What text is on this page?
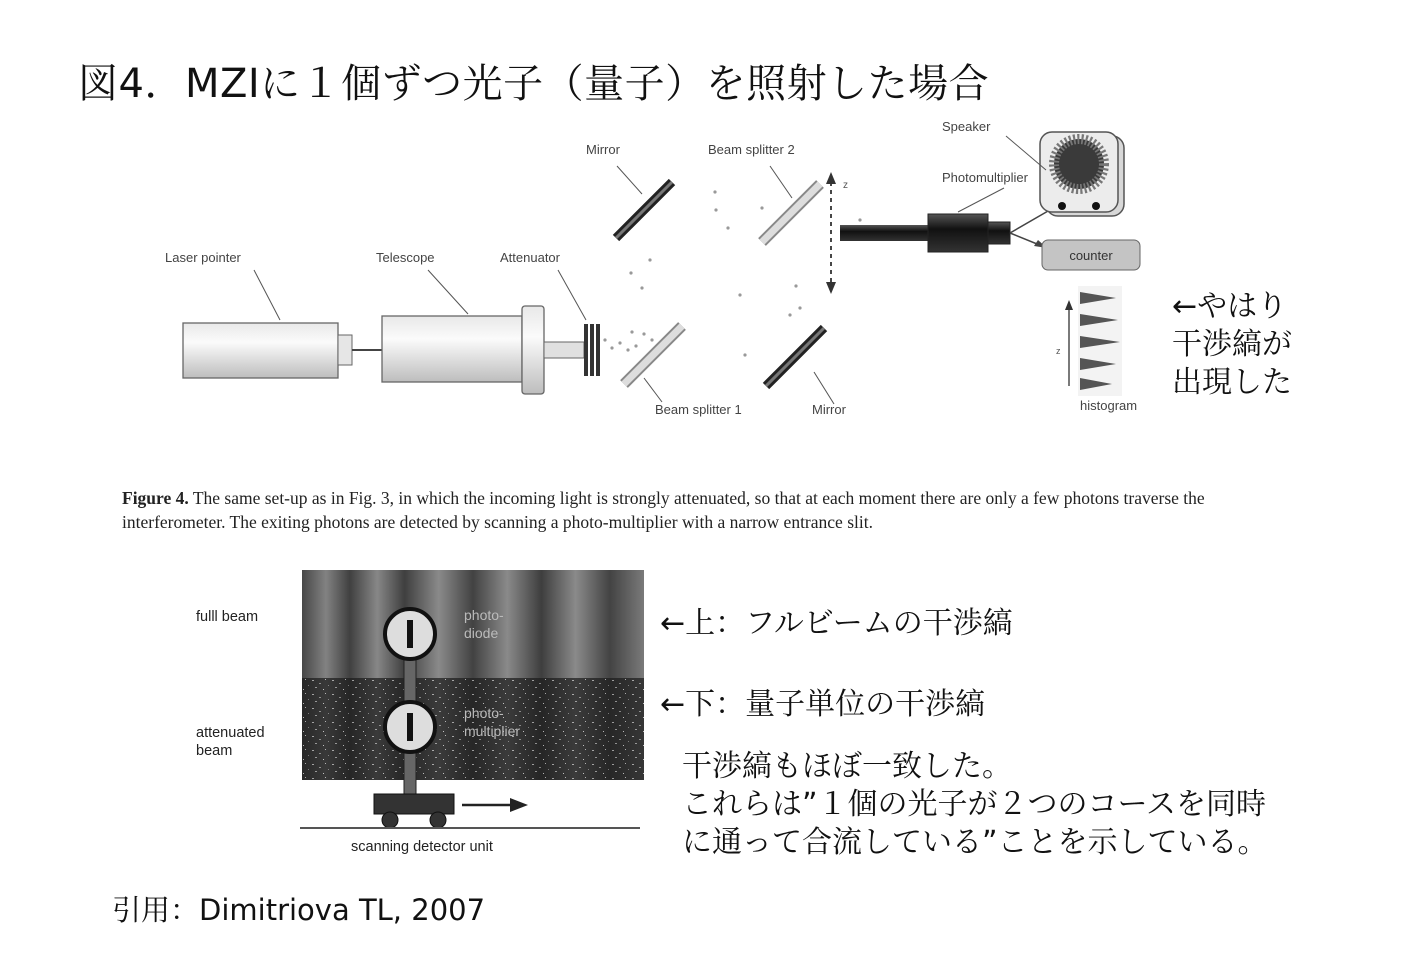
図4．MZIに１個ずつ光子（量子）を照射した場合
z
counter
z
Laser pointer	Telescope	Attenuator
Mirror	Beam splitter 2
Beam splitter 1	Mirror
Photomultiplier
Speaker
histogram
←やはり
干渉縞が
出現した
Figure 4. The same set-up as in Fig. 3, in which the incoming light is strongly attenuated, so that at each moment there are only a few photons traverse the interferometer. The exiting photons are detected by scanning a photo-multiplier with a narrow entrance slit.
fulll beam
attenuated
beam
scanning detector unit
photo-
diode
photo-
multiplier
←上：フルビームの干渉縞
←下：量子単位の干渉縞
干渉縞もほぼ一致した。
これらは”１個の光子が２つのコースを同時
に通って合流している”ことを示している。
引用：Dimitriova TL, 2007
